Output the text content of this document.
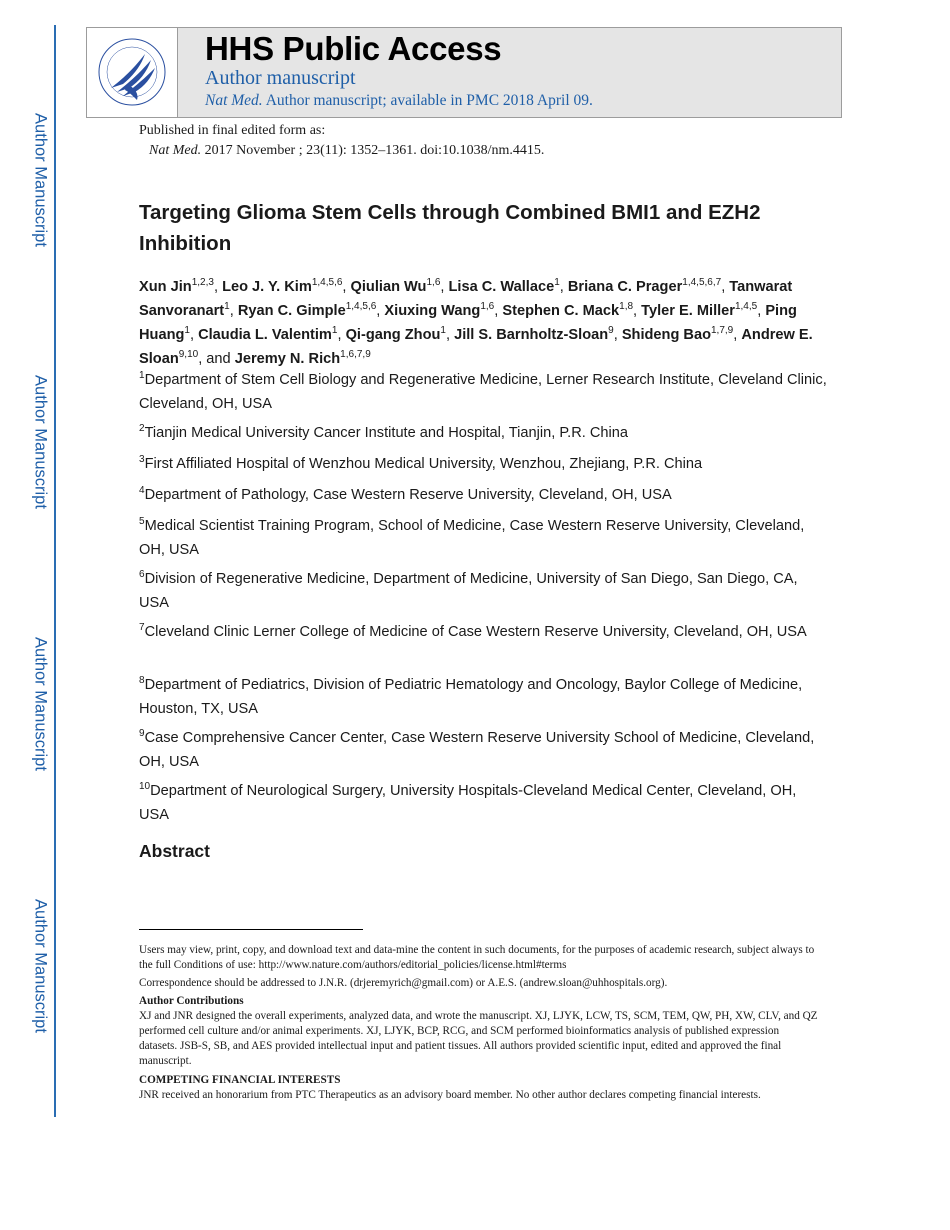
Author Manuscript
Author Manuscript
Author Manuscript
Author Manuscript
HHS Public Access
Author manuscript
Nat Med. Author manuscript; available in PMC 2018 April 09.
Published in final edited form as:
Nat Med. 2017 November ; 23(11): 1352–1361. doi:10.1038/nm.4415.
Targeting Glioma Stem Cells through Combined BMI1 and EZH2 Inhibition
Xun Jin$^{1,2,3}$, Leo J. Y. Kim$^{1,4,5,6}$, Qiulian Wu$^{1,6}$, Lisa C. Wallace$^1$, Briana C. Prager$^{1,4,5,6,7}$, Tanwarat Sanvoranart$^1$, Ryan C. Gimple$^{1,4,5,6}$, Xiuxing Wang$^{1,6}$, Stephen C. Mack$^{1,8}$, Tyler E. Miller$^{1,4,5}$, Ping Huang$^1$, Claudia L. Valentim$^1$, Qi-gang Zhou$^1$, Jill S. Barnholtz-Sloan$^9$, Shideng Bao$^{1,7,9}$, Andrew E. Sloan$^{9,10}$, and Jeremy N. Rich$^{1,6,7,9}$
$^1$Department of Stem Cell Biology and Regenerative Medicine, Lerner Research Institute, Cleveland Clinic, Cleveland, OH, USA
$^2$Tianjin Medical University Cancer Institute and Hospital, Tianjin, P.R. China
$^3$First Affiliated Hospital of Wenzhou Medical University, Wenzhou, Zhejiang, P.R. China
$^4$Department of Pathology, Case Western Reserve University, Cleveland, OH, USA
$^5$Medical Scientist Training Program, School of Medicine, Case Western Reserve University, Cleveland, OH, USA
$^6$Division of Regenerative Medicine, Department of Medicine, University of San Diego, San Diego, CA, USA
$^7$Cleveland Clinic Lerner College of Medicine of Case Western Reserve University, Cleveland, OH, USA
$^8$Department of Pediatrics, Division of Pediatric Hematology and Oncology, Baylor College of Medicine, Houston, TX, USA
$^9$Case Comprehensive Cancer Center, Case Western Reserve University School of Medicine, Cleveland, OH, USA
$^{10}$Department of Neurological Surgery, University Hospitals-Cleveland Medical Center, Cleveland, OH, USA
Abstract
Users may view, print, copy, and download text and data-mine the content in such documents, for the purposes of academic research, subject always to the full Conditions of use: http://www.nature.com/authors/editorial_policies/license.html#terms
Correspondence should be addressed to J.N.R. (drjeremyrich@gmail.com) or A.E.S. (andrew.sloan@uhhospitals.org).
Author Contributions
XJ and JNR designed the overall experiments, analyzed data, and wrote the manuscript. XJ, LJYK, LCW, TS, SCM, TEM, QW, PH, XW, CLV, and QZ performed cell culture and/or animal experiments. XJ, LJYK, BCP, RCG, and SCM performed bioinformatics analysis of published expression datasets. JSB-S, SB, and AES provided intellectual input and patient tissues. All authors provided scientific input, edited and approved the final manuscript.
COMPETING FINANCIAL INTERESTS
JNR received an honorarium from PTC Therapeutics as an advisory board member. No other author declares competing financial interests.
